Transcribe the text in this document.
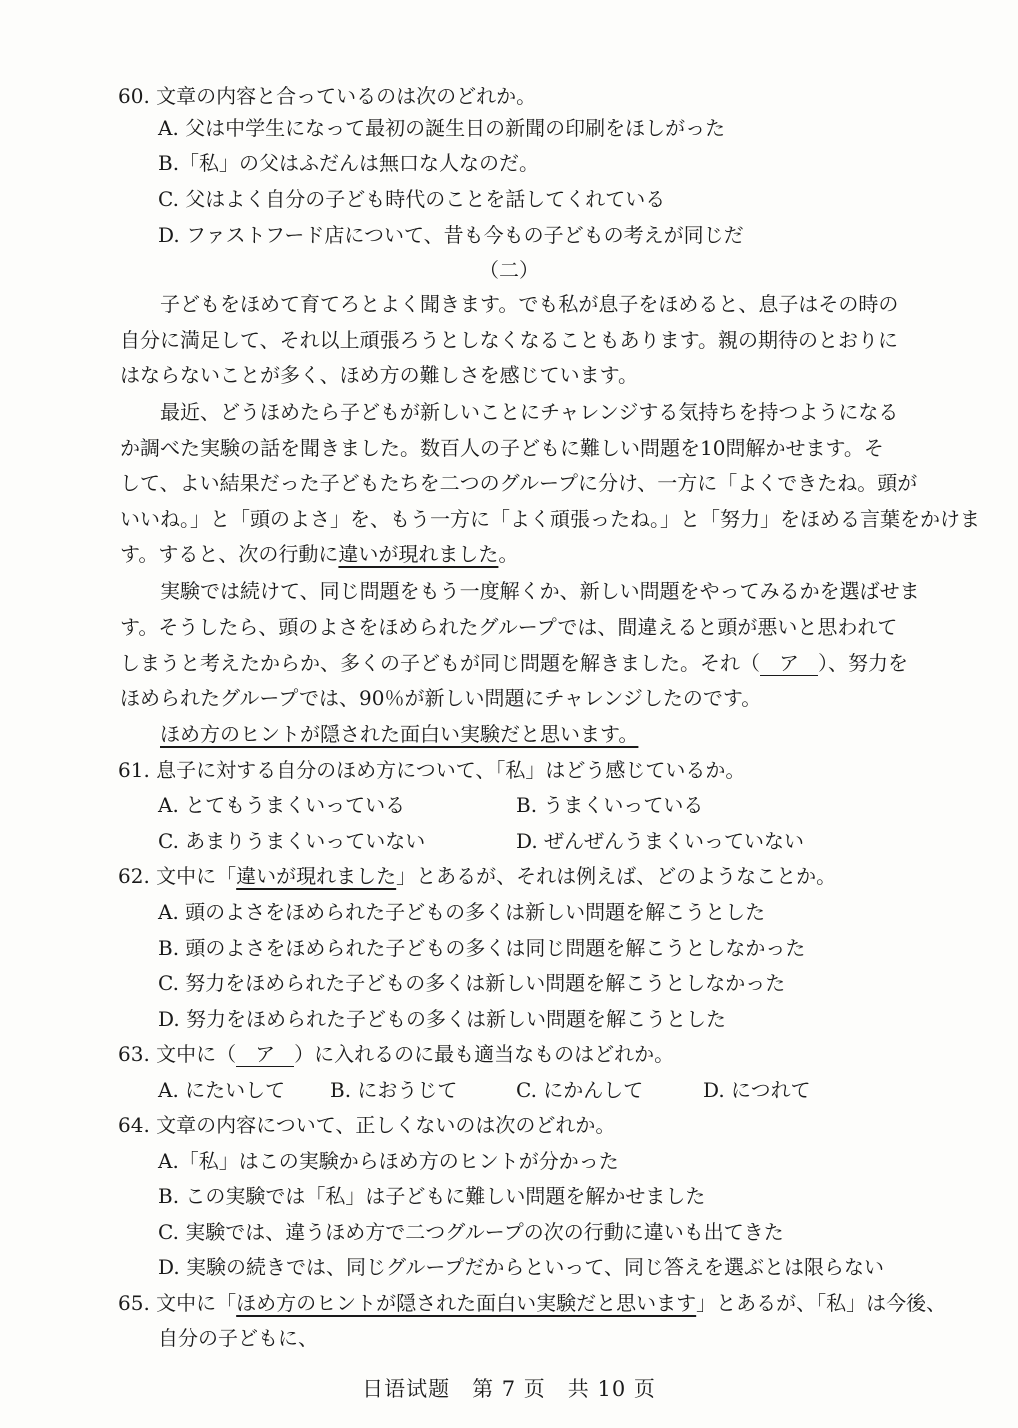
60. 文章の内容と合っているのは次のどれか。
A. 父は中学生になって最初の誕生日の新聞の印刷をほしがった
B.「私」の父はふだんは無口な人なのだ。
C. 父はよく自分の子ども時代のことを話してくれている
D. ファストフード店について、昔も今もの子どもの考えが同じだ
（二）
子どもをほめて育てろとよく聞きます。でも私が息子をほめると、息子はその時の
自分に満足して、それ以上頑張ろうとしなくなることもあります。親の期待のとおりに
はならないことが多く、ほめ方の難しさを感じています。
最近、どうほめたら子どもが新しいことにチャレンジする気持ちを持つようになる
か調べた実験の話を聞きました。数百人の子どもに難しい問題を10問解かせます。そ
して、よい結果だった子どもたちを二つのグループに分け、一方に「よくできたね。頭が
いいね。」と「頭のよさ」を、もう一方に「よく頑張ったね。」と「努力」をほめる言葉をかけま
す。すると、次の行動に違いが現れました。
実験では続けて、同じ問題をもう一度解くか、新しい問題をやってみるかを選ばせま
す。そうしたら、頭のよさをほめられたグループでは、間違えると頭が悪いと思われて
しまうと考えたからか、多くの子どもが同じ問題を解きました。それ（ ア ）、努力を
ほめられたグループでは、90％が新しい問題にチャレンジしたのです。
ほめ方のヒントが隠された面白い実験だと思います。
61. 息子に対する自分のほめ方について、「私」はどう感じているか。
A. とてもうまくいっている	B. うまくいっている
C. あまりうまくいっていない	D. ぜんぜんうまくいっていない
62. 文中に「違いが現れました」とあるが、それは例えば、どのようなことか。
A. 頭のよさをほめられた子どもの多くは新しい問題を解こうとした
B. 頭のよさをほめられた子どもの多くは同じ問題を解こうとしなかった
C. 努力をほめられた子どもの多くは新しい問題を解こうとしなかった
D. 努力をほめられた子どもの多くは新しい問題を解こうとした
63. 文中に（ ア ）に入れるのに最も適当なものはどれか。
A. にたいして B. におうじて	C. にかんして	D. につれて
64. 文章の内容について、正しくないのは次のどれか。
A.「私」はこの実験からほめ方のヒントが分かった
B. この実験では「私」は子どもに難しい問題を解かせました
C. 実験では、違うほめ方で二つグループの次の行動に違いも出てきた
D. 実験の続きでは、同じグループだからといって、同じ答えを選ぶとは限らない
65. 文中に「ほめ方のヒントが隠された面白い実験だと思います」とあるが、「私」は今後、
自分の子どもに、
日语试题　第 7 页　共 10 页
